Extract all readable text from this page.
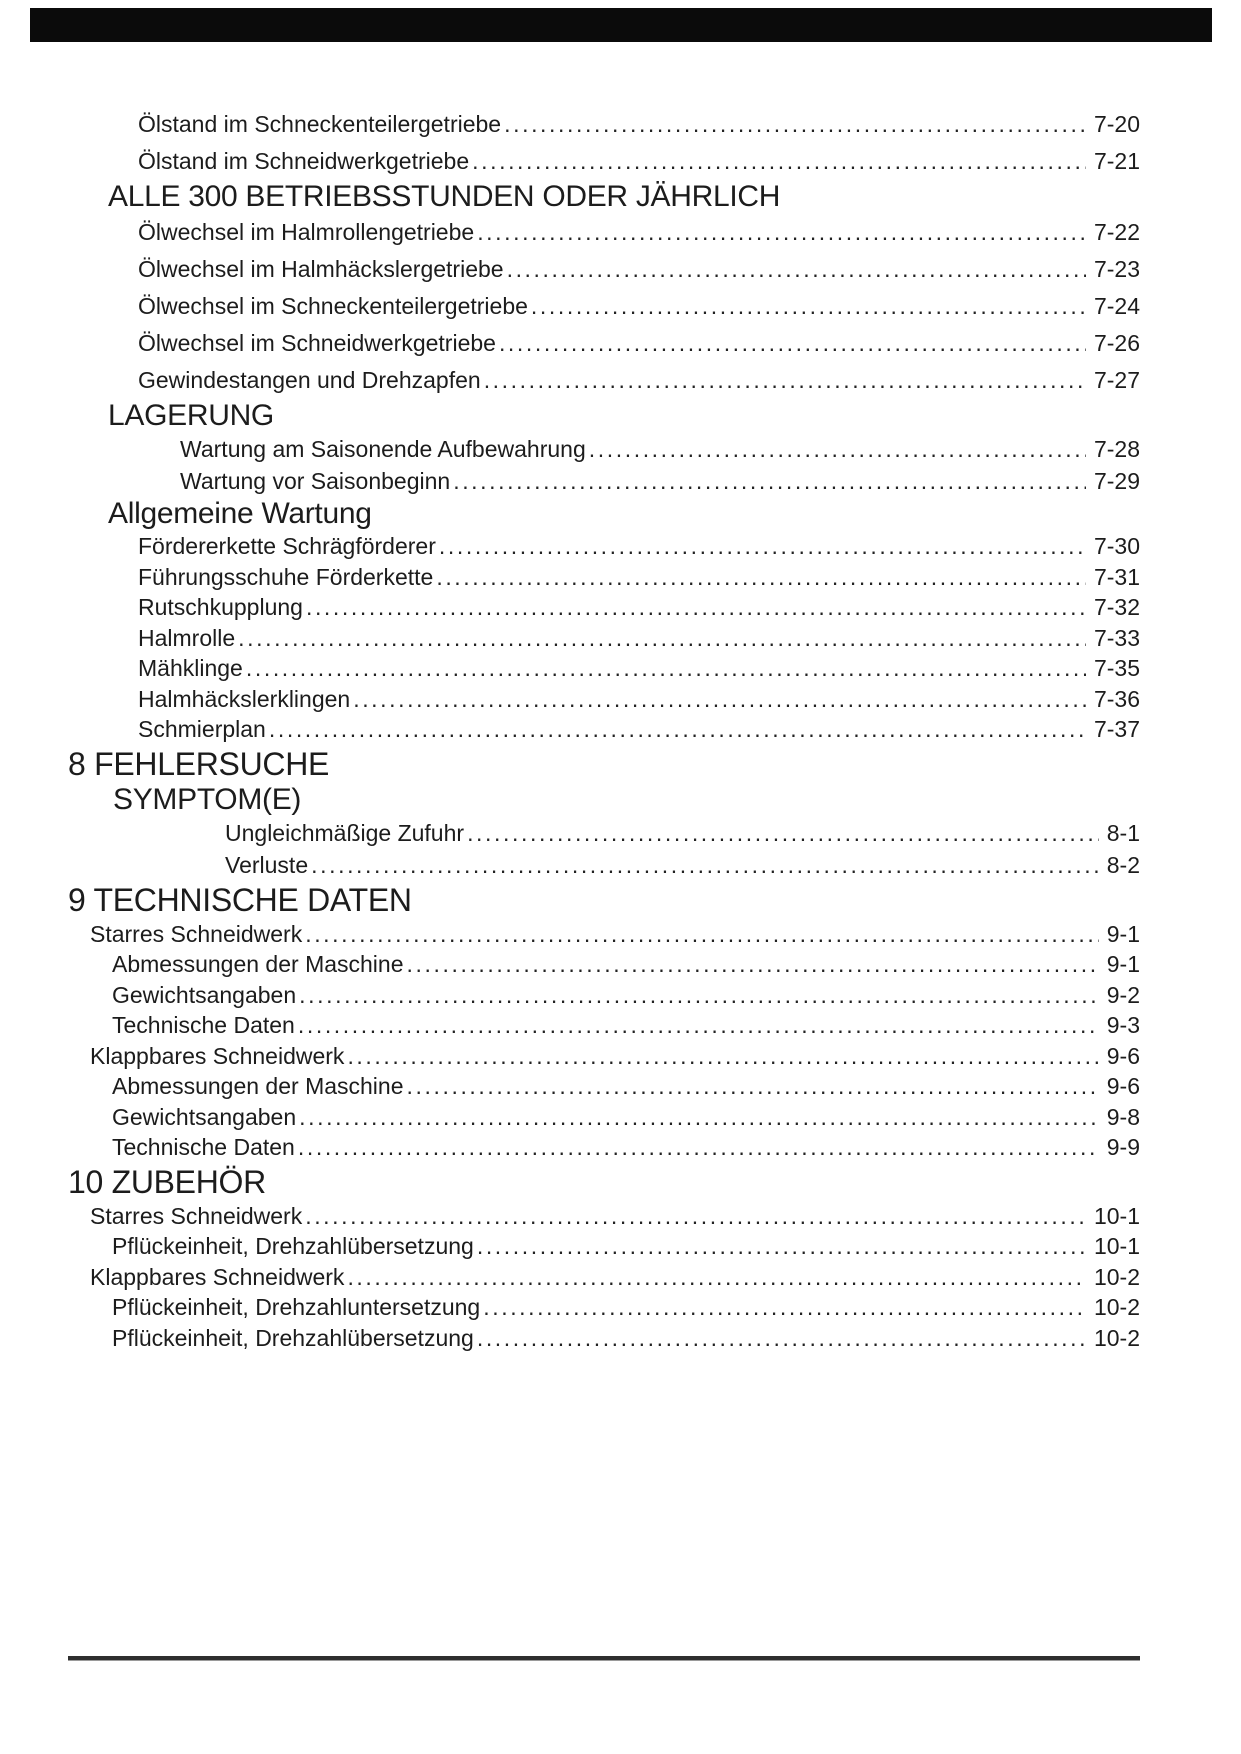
Ölstand im Schneckenteilergetriebe .....	7-20
Ölstand im Schneidwerkgetriebe .....	7-21
ALLE 300 BETRIEBSSTUNDEN ODER JÄHRLICH
Ölwechsel im Halmrollengetriebe .....	7-22
Ölwechsel im Halmhäckslergetriebe .....	7-23
Ölwechsel im Schneckenteilergetriebe .....	7-24
Ölwechsel im Schneidwerkgetriebe .....	7-26
Gewindestangen und Drehzapfen .....	7-27
LAGERUNG
Wartung am Saisonende Aufbewahrung .....	7-28
Wartung vor Saisonbeginn .....	7-29
Allgemeine Wartung
Fördererkette Schrägförderer .....	7-30
Führungsschuhe Förderkette .....	7-31
Rutschkupplung .....	7-32
Halmrolle .....	7-33
Mähklinge .....	7-35
Halmhäckslerklingen .....	7-36
Schmierplan .....	7-37
8 FEHLERSUCHE
SYMPTOM(E)
Ungleichmäßige Zufuhr .....	8-1
Verluste .....	8-2
9 TECHNISCHE DATEN
Starres Schneidwerk .....	9-1
Abmessungen der Maschine .....	9-1
Gewichtsangaben .....	9-2
Technische Daten .....	9-3
Klappbares Schneidwerk .....	9-6
Abmessungen der Maschine .....	9-6
Gewichtsangaben .....	9-8
Technische Daten .....	9-9
10 ZUBEHÖR
Starres Schneidwerk .....	10-1
Pflückeinheit, Drehzahlübersetzung .....	10-1
Klappbares Schneidwerk .....	10-2
Pflückeinheit, Drehzahluntersetzung .....	10-2
Pflückeinheit, Drehzahlübersetzung .....	10-2
